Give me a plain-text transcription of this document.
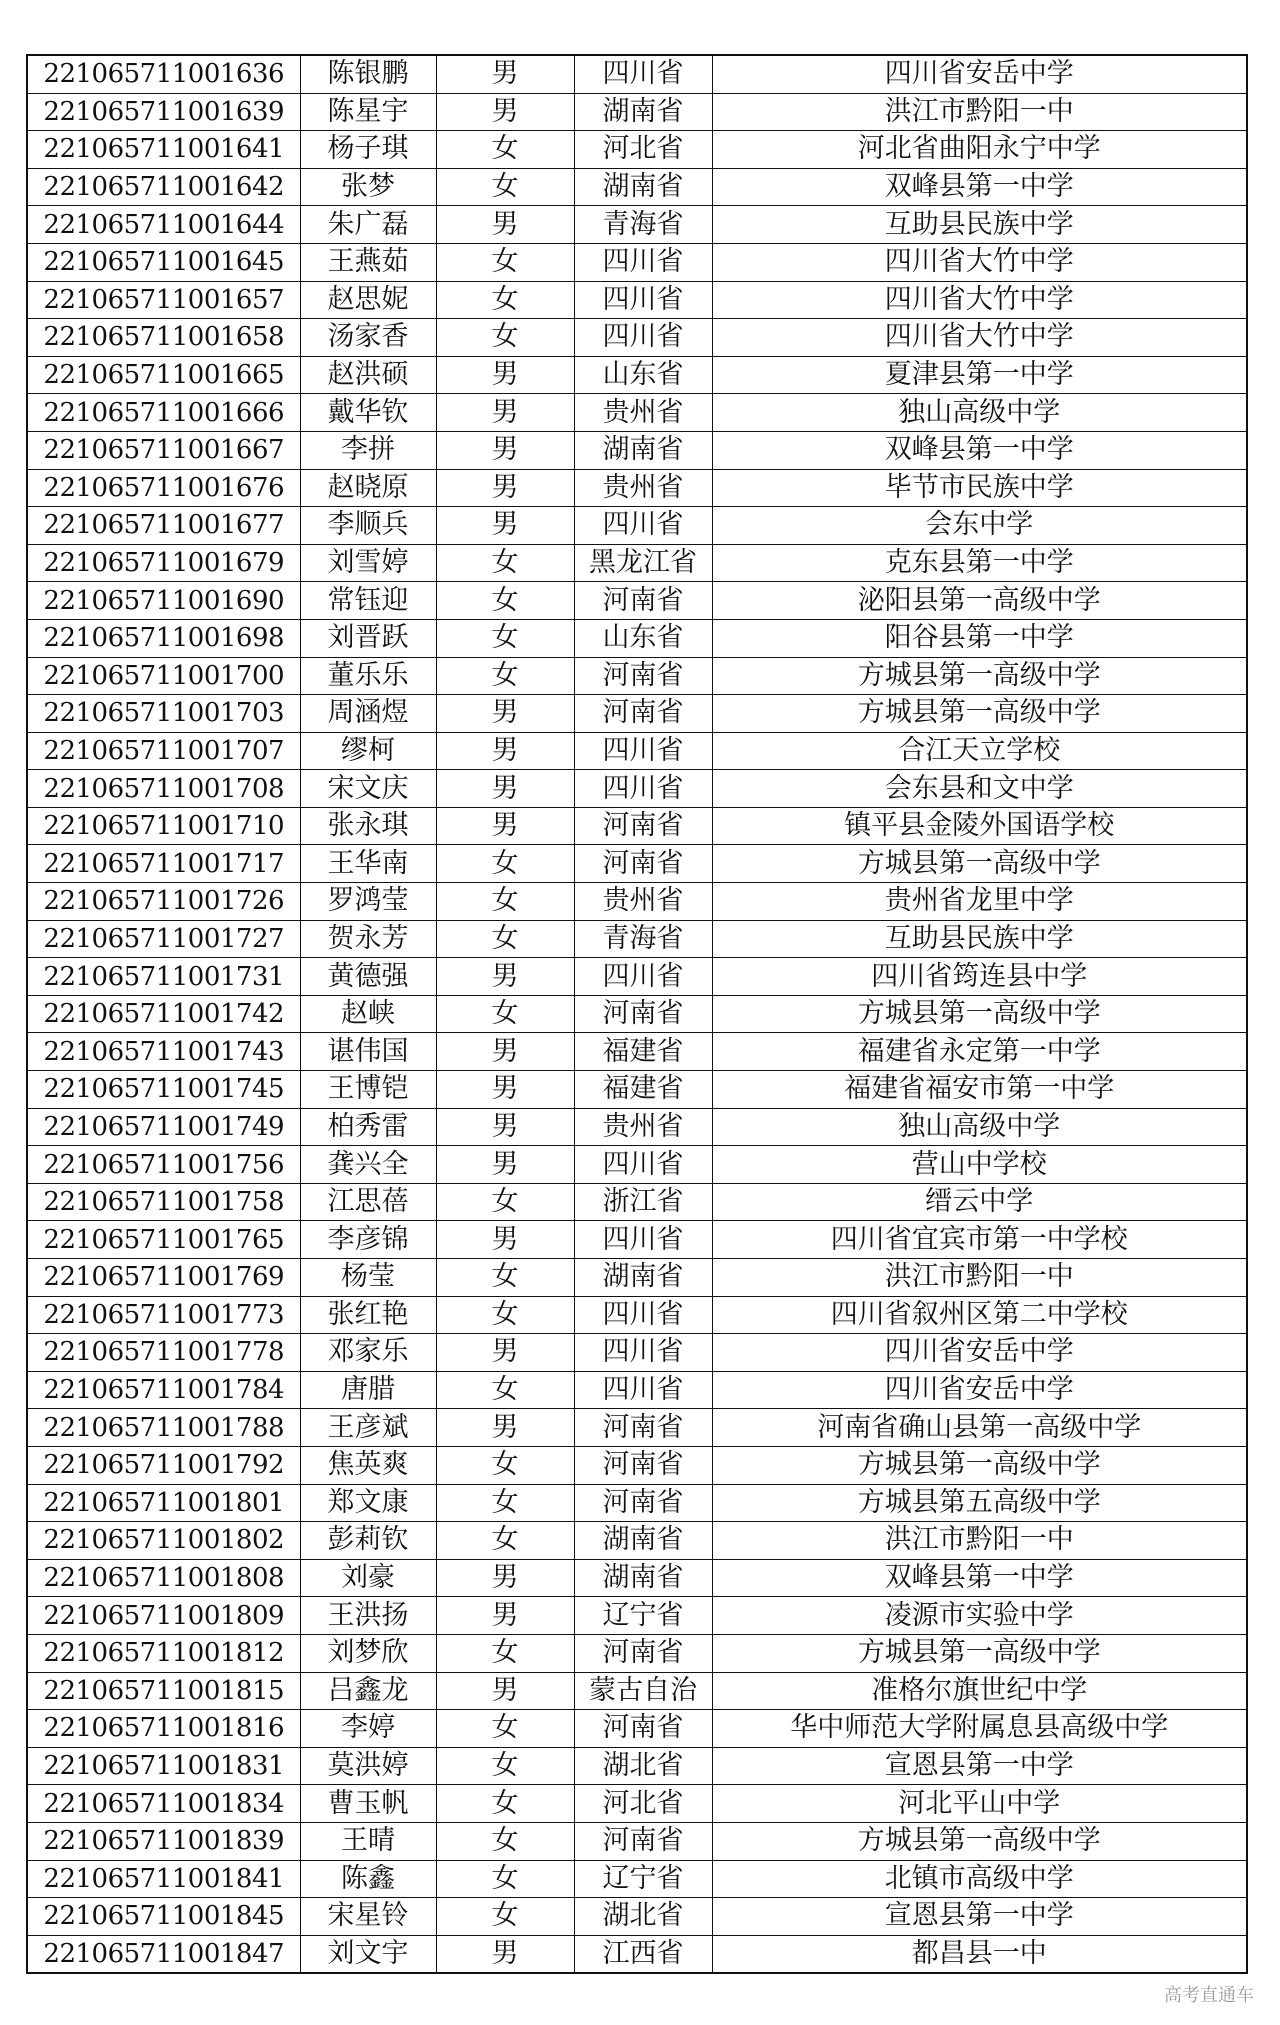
221065711001636	陈银鹏	男	四川省	四川省安岳中学
221065711001639	陈星宇	男	湖南省	洪江市黔阳一中
221065711001641	杨子琪	女	河北省	河北省曲阳永宁中学
221065711001642	张梦	女	湖南省	双峰县第一中学
221065711001644	朱广磊	男	青海省	互助县民族中学
221065711001645	王燕茹	女	四川省	四川省大竹中学
221065711001657	赵思妮	女	四川省	四川省大竹中学
221065711001658	汤家香	女	四川省	四川省大竹中学
221065711001665	赵洪硕	男	山东省	夏津县第一中学
221065711001666	戴华钦	男	贵州省	独山高级中学
221065711001667	李拼	男	湖南省	双峰县第一中学
221065711001676	赵晓原	男	贵州省	毕节市民族中学
221065711001677	李顺兵	男	四川省	会东中学
221065711001679	刘雪婷	女	黑龙江省	克东县第一中学
221065711001690	常钰迎	女	河南省	泌阳县第一高级中学
221065711001698	刘晋跃	女	山东省	阳谷县第一中学
221065711001700	董乐乐	女	河南省	方城县第一高级中学
221065711001703	周涵煜	男	河南省	方城县第一高级中学
221065711001707	缪柯	男	四川省	合江天立学校
221065711001708	宋文庆	男	四川省	会东县和文中学
221065711001710	张永琪	男	河南省	镇平县金陵外国语学校
221065711001717	王华南	女	河南省	方城县第一高级中学
221065711001726	罗鸿莹	女	贵州省	贵州省龙里中学
221065711001727	贺永芳	女	青海省	互助县民族中学
221065711001731	黄德强	男	四川省	四川省筠连县中学
221065711001742	赵峡	女	河南省	方城县第一高级中学
221065711001743	谌伟国	男	福建省	福建省永定第一中学
221065711001745	王博铠	男	福建省	福建省福安市第一中学
221065711001749	柏秀雷	男	贵州省	独山高级中学
221065711001756	龚兴全	男	四川省	营山中学校
221065711001758	江思蓓	女	浙江省	缙云中学
221065711001765	李彦锦	男	四川省	四川省宜宾市第一中学校
221065711001769	杨莹	女	湖南省	洪江市黔阳一中
221065711001773	张红艳	女	四川省	四川省叙州区第二中学校
221065711001778	邓家乐	男	四川省	四川省安岳中学
221065711001784	唐腊	女	四川省	四川省安岳中学
221065711001788	王彦斌	男	河南省	河南省确山县第一高级中学
221065711001792	焦英爽	女	河南省	方城县第一高级中学
221065711001801	郑文康	女	河南省	方城县第五高级中学
221065711001802	彭莉钦	女	湖南省	洪江市黔阳一中
221065711001808	刘豪	男	湖南省	双峰县第一中学
221065711001809	王洪扬	男	辽宁省	凌源市实验中学
221065711001812	刘梦欣	女	河南省	方城县第一高级中学
221065711001815	吕鑫龙	男	蒙古自治	准格尔旗世纪中学
221065711001816	李婷	女	河南省	华中师范大学附属息县高级中学
221065711001831	莫洪婷	女	湖北省	宣恩县第一中学
221065711001834	曹玉帆	女	河北省	河北平山中学
221065711001839	王晴	女	河南省	方城县第一高级中学
221065711001841	陈鑫	女	辽宁省	北镇市高级中学
221065711001845	宋星铃	女	湖北省	宣恩县第一中学
221065711001847	刘文宇	男	江西省	都昌县一中
高考直通车
